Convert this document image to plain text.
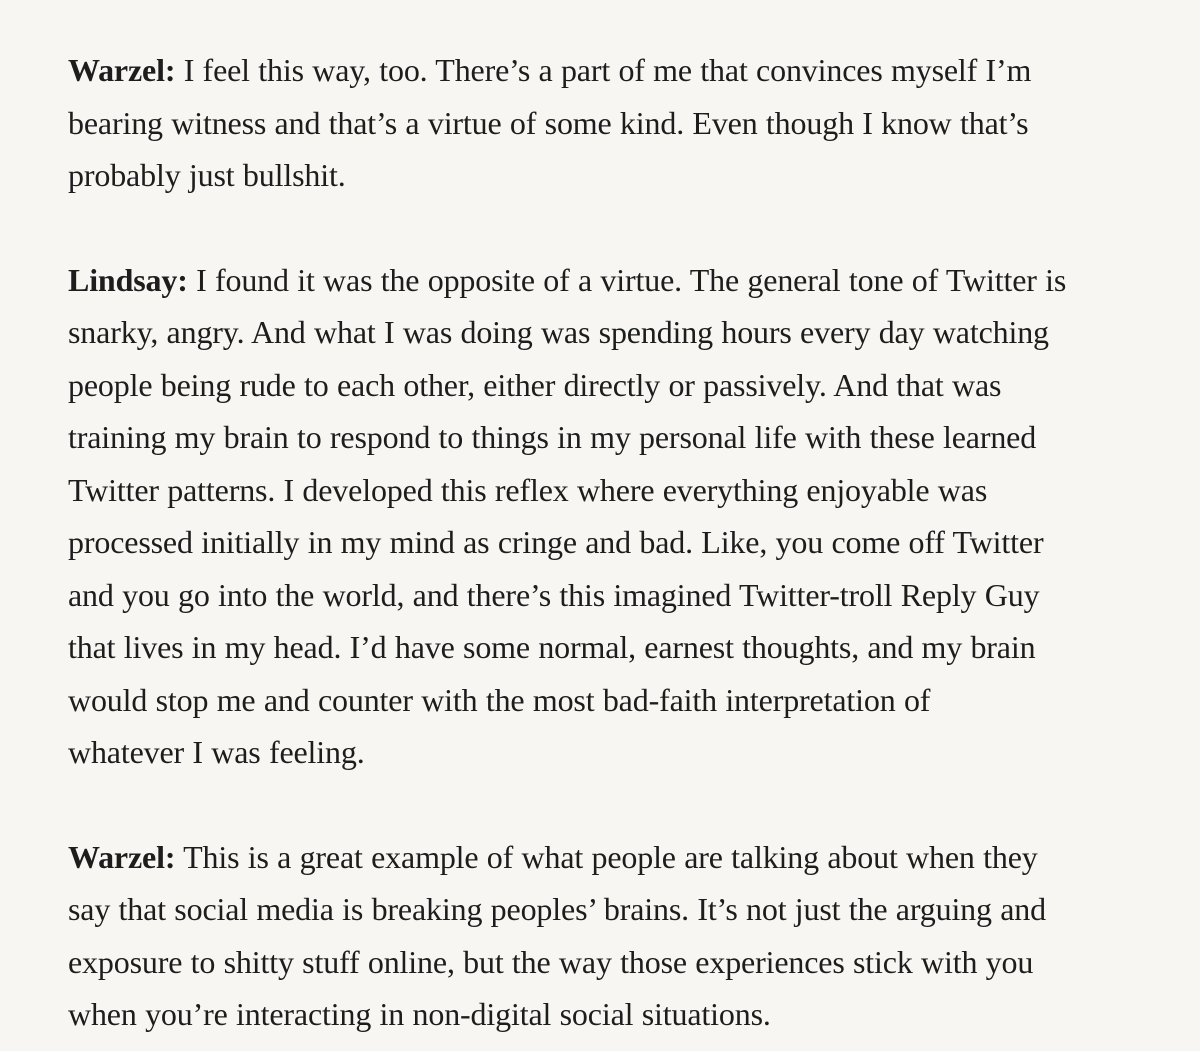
Warzel: I feel this way, too. There’s a part of me that convinces myself I’m
bearing witness and that’s a virtue of some kind. Even though I know that’s
probably just bullshit.

Lindsay: I found it was the opposite of a virtue. The general tone of Twitter is
snarky, angry. And what I was doing was spending hours every day watching
people being rude to each other, either directly or passively. And that was
training my brain to respond to things in my personal life with these learned
Twitter patterns. I developed this reflex where everything enjoyable was
processed initially in my mind as cringe and bad. Like, you come off Twitter
and you go into the world, and there’s this imagined Twitter-troll Reply Guy
that lives in my head. I’d have some normal, earnest thoughts, and my brain
would stop me and counter with the most bad-faith interpretation of
whatever I was feeling.

Warzel: This is a great example of what people are talking about when they
say that social media is breaking peoples’ brains. It’s not just the arguing and
exposure to shitty stuff online, but the way those experiences stick with you
when you’re interacting in non-digital social situations.
